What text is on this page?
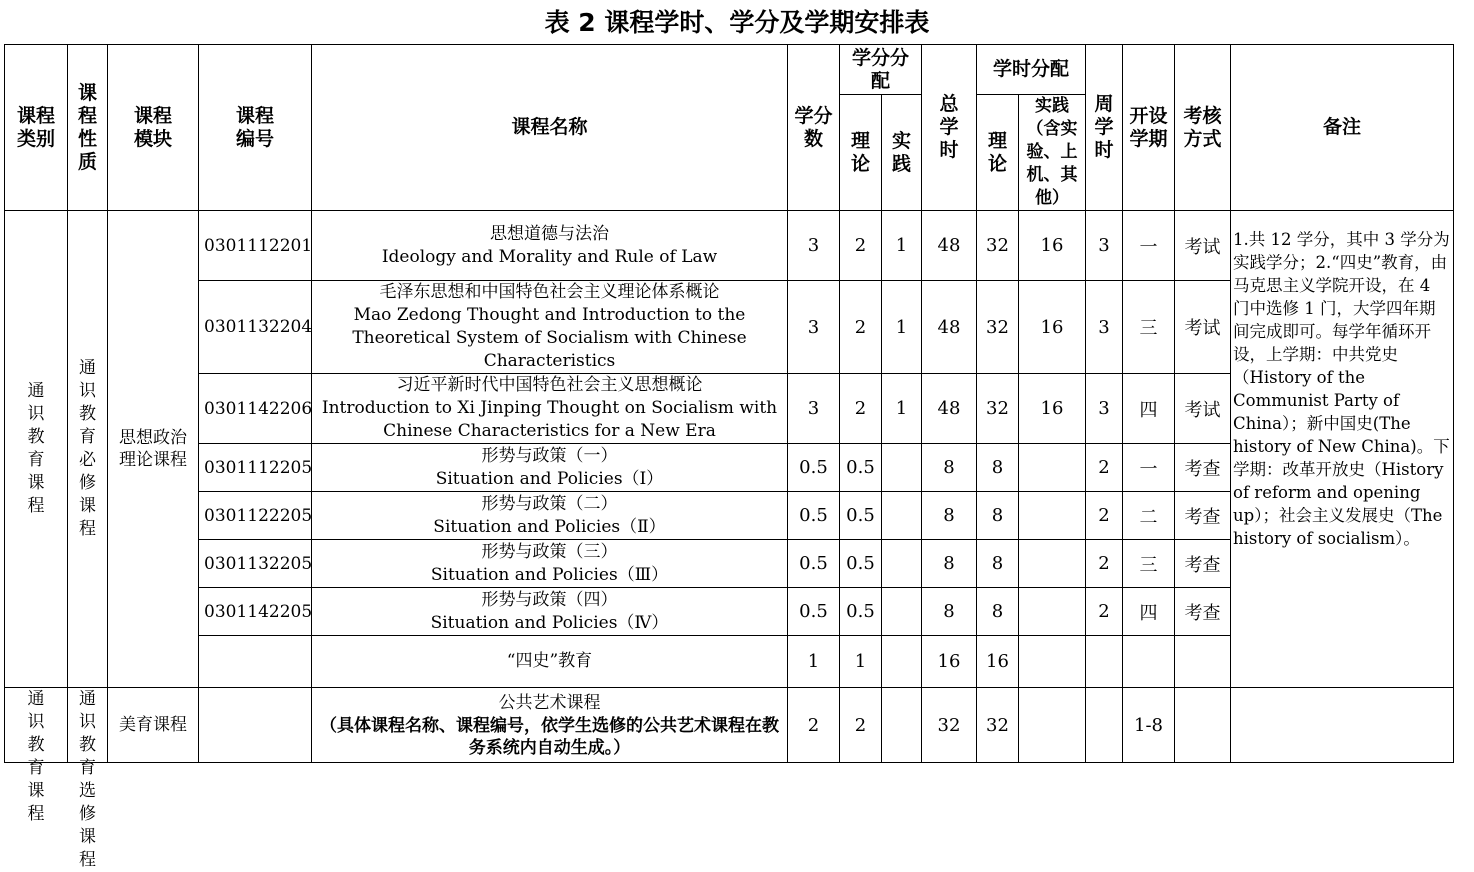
表 2 课程学时、学分及学期安排表
课程类别	课程性质	课程模块	课程编号	课程名称	学分数	学分分配		总学时	学时分配		周学时	开设学期	考核方式	备注
						理论	实践		理论	实践（含实验、上机、其他）				
通识教育课程	通识教育必修课程	思想政治理论课程	0301112201	思想道德与法治
Ideology and Morality and Rule of Law	3	2	1	48	32	16	3	一	考试	1.共 12 学分，其中 3 学分为实践学分；2.“四史”教育，由马克思主义学院开设，在 4 门中选修 1 门，大学四年期间完成即可。每学年循环开设，上学期：中共党史（History of the Communist Party of China）；新中国史(The history of New China)。下学期：改革开放史（History of reform and opening up）；社会主义发展史（The history of socialism）。
			0301132204	毛泽东思想和中国特色社会主义理论体系概论
Mao Zedong Thought and Introduction to the Theoretical System of Socialism with Chinese Characteristics	3	2	1	48	32	16	3	三	考试	
			0301142206	习近平新时代中国特色社会主义思想概论
Introduction to Xi Jinping Thought on Socialism with Chinese Characteristics for a New Era	3	2	1	48	32	16	3	四	考试	
			0301112205	形势与政策（一）
Situation and Policies（Ⅰ）	0.5	0.5		8	8		2	一	考查	
			0301122205	形势与政策（二）
Situation and Policies（Ⅱ）	0.5	0.5		8	8		2	二	考查	
			0301132205	形势与政策（三）
Situation and Policies（Ⅲ）	0.5	0.5		8	8		2	三	考查	
			0301142205	形势与政策（四）
Situation and Policies（Ⅳ）	0.5	0.5		8	8		2	四	考查	

				“四史”教育	1	1		16	16					

通识教育课程	通识教育选修课程	美育课程		公共艺术课程
（具体课程名称、课程编号，依学生选修的公共艺术课程在教务系统内自动生成。）	2	2		32	32			1-8		
